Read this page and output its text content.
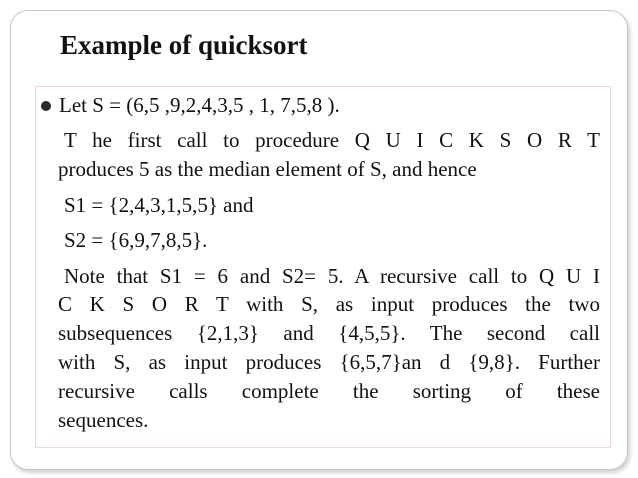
Example of quicksort
Let S = (6,5 ,9,2,4,3,5 , 1, 7,5,8 ).
T he first call to procedure Q U I C K S O R T
produces 5 as the median element of S, and hence
S1 = {2,4,3,1,5,5} and
S2 = {6,9,7,8,5}.
Note that S1 = 6 and S2= 5. A recursive call to Q U I
C K S O R T with S, as input produces the two
subsequences {2,1,3} and {4,5,5}. The second call
with S, as input produces {6,5,7}an d {9,8}. Further
recursive calls complete the sorting of these
sequences.
